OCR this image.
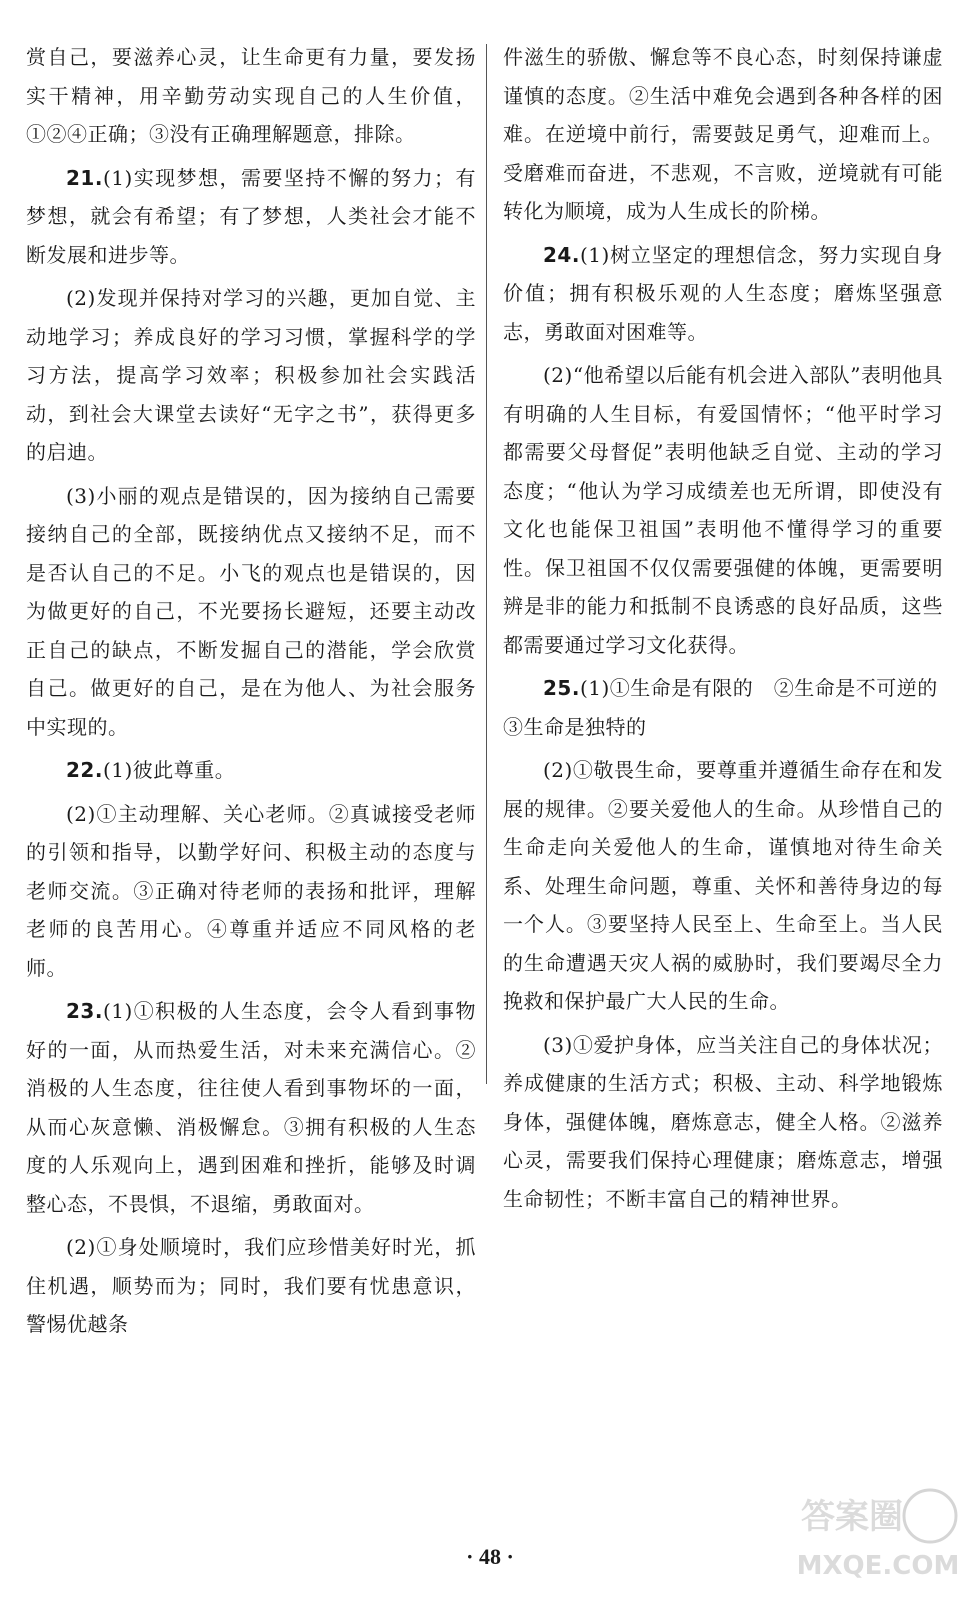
赏自己，要滋养心灵，让生命更有力量，要发扬实干精神，用辛勤劳动实现自己的人生价值，①②④正确；③没有正确理解题意，排除。

21.(1)实现梦想，需要坚持不懈的努力；有梦想，就会有希望；有了梦想，人类社会才能不断发展和进步等。

(2)发现并保持对学习的兴趣，更加自觉、主动地学习；养成良好的学习习惯，掌握科学的学习方法，提高学习效率；积极参加社会实践活动，到社会大课堂去读好“无字之书”，获得更多的启迪。

(3)小丽的观点是错误的，因为接纳自己需要接纳自己的全部，既接纳优点又接纳不足，而不是否认自己的不足。小飞的观点也是错误的，因为做更好的自己，不光要扬长避短，还要主动改正自己的缺点，不断发掘自己的潜能，学会欣赏自己。做更好的自己，是在为他人、为社会服务中实现的。

22.(1)彼此尊重。

(2)①主动理解、关心老师。②真诚接受老师的引领和指导，以勤学好问、积极主动的态度与老师交流。③正确对待老师的表扬和批评，理解老师的良苦用心。④尊重并适应不同风格的老师。

23.(1)①积极的人生态度，会令人看到事物好的一面，从而热爱生活，对未来充满信心。②消极的人生态度，往往使人看到事物坏的一面，从而心灰意懒、消极懈怠。③拥有积极的人生态度的人乐观向上，遇到困难和挫折，能够及时调整心态，不畏惧，不退缩，勇敢面对。

(2)①身处顺境时，我们应珍惜美好时光，抓住机遇，顺势而为；同时，我们要有忧患意识，警惕优越条

件滋生的骄傲、懈怠等不良心态，时刻保持谦虚谨慎的态度。②生活中难免会遇到各种各样的困难。在逆境中前行，需要鼓足勇气，迎难而上。受磨难而奋进，不悲观，不言败，逆境就有可能转化为顺境，成为人生成长的阶梯。

24.(1)树立坚定的理想信念，努力实现自身价值；拥有积极乐观的人生态度；磨炼坚强意志，勇敢面对困难等。

(2)“他希望以后能有机会进入部队”表明他具有明确的人生目标，有爱国情怀；“他平时学习都需要父母督促”表明他缺乏自觉、主动的学习态度；“他认为学习成绩差也无所谓，即使没有文化也能保卫祖国”表明他不懂得学习的重要性。保卫祖国不仅仅需要强健的体魄，更需要明辨是非的能力和抵制不良诱惑的良好品质，这些都需要通过学习文化获得。

25.(1)①生命是有限的　②生命是不可逆的

③生命是独特的

(2)①敬畏生命，要尊重并遵循生命存在和发展的规律。②要关爱他人的生命。从珍惜自己的生命走向关爱他人的生命，谨慎地对待生命关系、处理生命问题，尊重、关怀和善待身边的每一个人。③要坚持人民至上、生命至上。当人民的生命遭遇天灾人祸的威胁时，我们要竭尽全力挽救和保护最广大人民的生命。

(3)①爱护身体，应当关注自己的身体状况；养成健康的生活方式；积极、主动、科学地锻炼身体，强健体魄，磨炼意志，健全人格。②滋养心灵，需要我们保持心理健康；磨炼意志，增强生命韧性；不断丰富自己的精神世界。

· 48 ·
答案圈
MXQE.COM
